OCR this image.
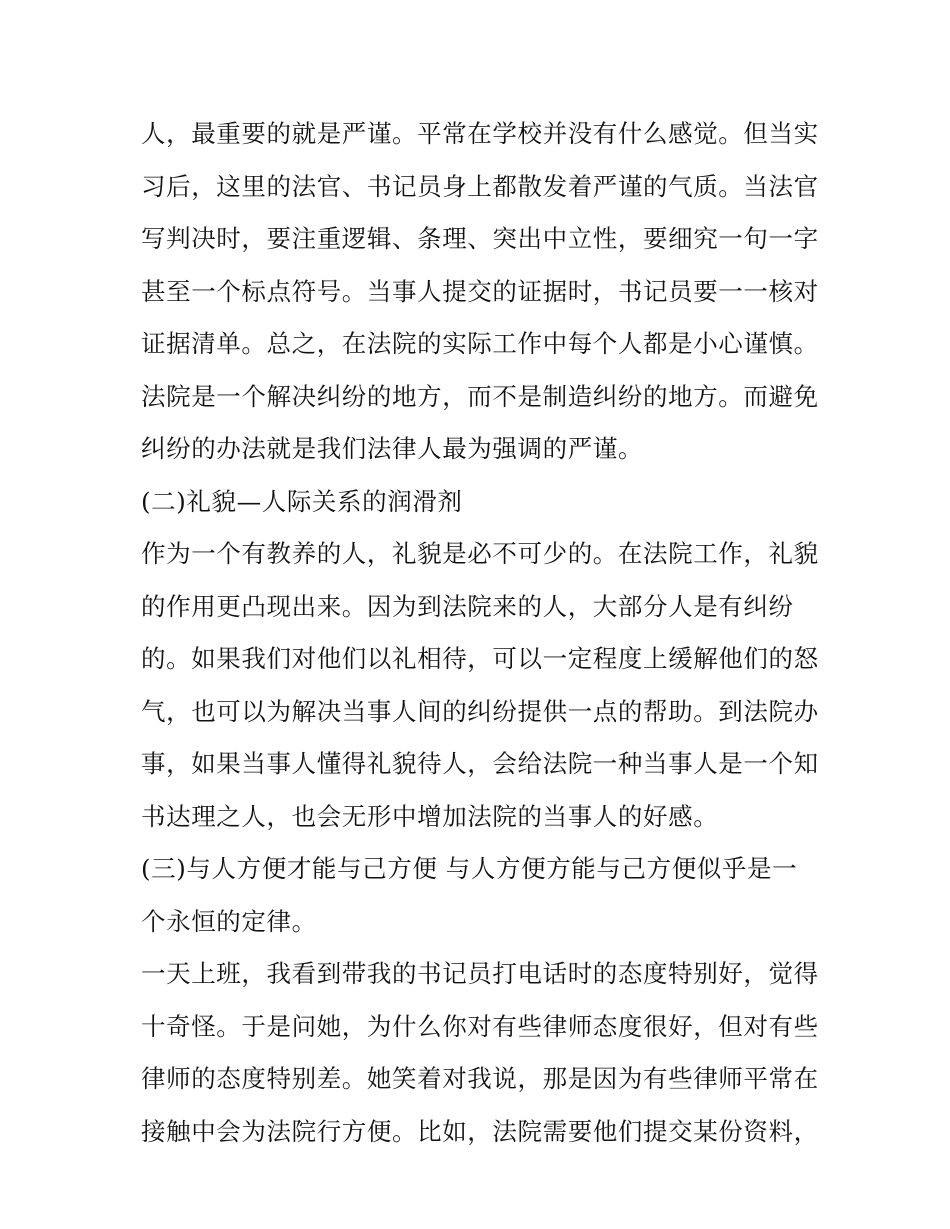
人，最重要的就是严谨。平常在学校并没有什么感觉。但当实
习后，这里的法官、书记员身上都散发着严谨的气质。当法官
写判决时，要注重逻辑、条理、突出中立性，要细究一句一字
甚至一个标点符号。当事人提交的证据时，书记员要一一核对
证据清单。总之，在法院的实际工作中每个人都是小心谨慎。
法院是一个解决纠纷的地方，而不是制造纠纷的地方。而避免
纠纷的办法就是我们法律人最为强调的严谨。
(二)礼貌—人际关系的润滑剂
作为一个有教养的人，礼貌是必不可少的。在法院工作，礼貌
的作用更凸现出来。因为到法院来的人，大部分人是有纠纷
的。如果我们对他们以礼相待，可以一定程度上缓解他们的怒
气，也可以为解决当事人间的纠纷提供一点的帮助。到法院办
事，如果当事人懂得礼貌待人，会给法院一种当事人是一个知
书达理之人，也会无形中增加法院的当事人的好感。
(三)与人方便才能与己方便 与人方便方能与己方便似乎是一
个永恒的定律。
一天上班，我看到带我的书记员打电话时的态度特别好，觉得
十奇怪。于是问她，为什么你对有些律师态度很好，但对有些
律师的态度特别差。她笑着对我说，那是因为有些律师平常在
接触中会为法院行方便。比如，法院需要他们提交某份资料，
